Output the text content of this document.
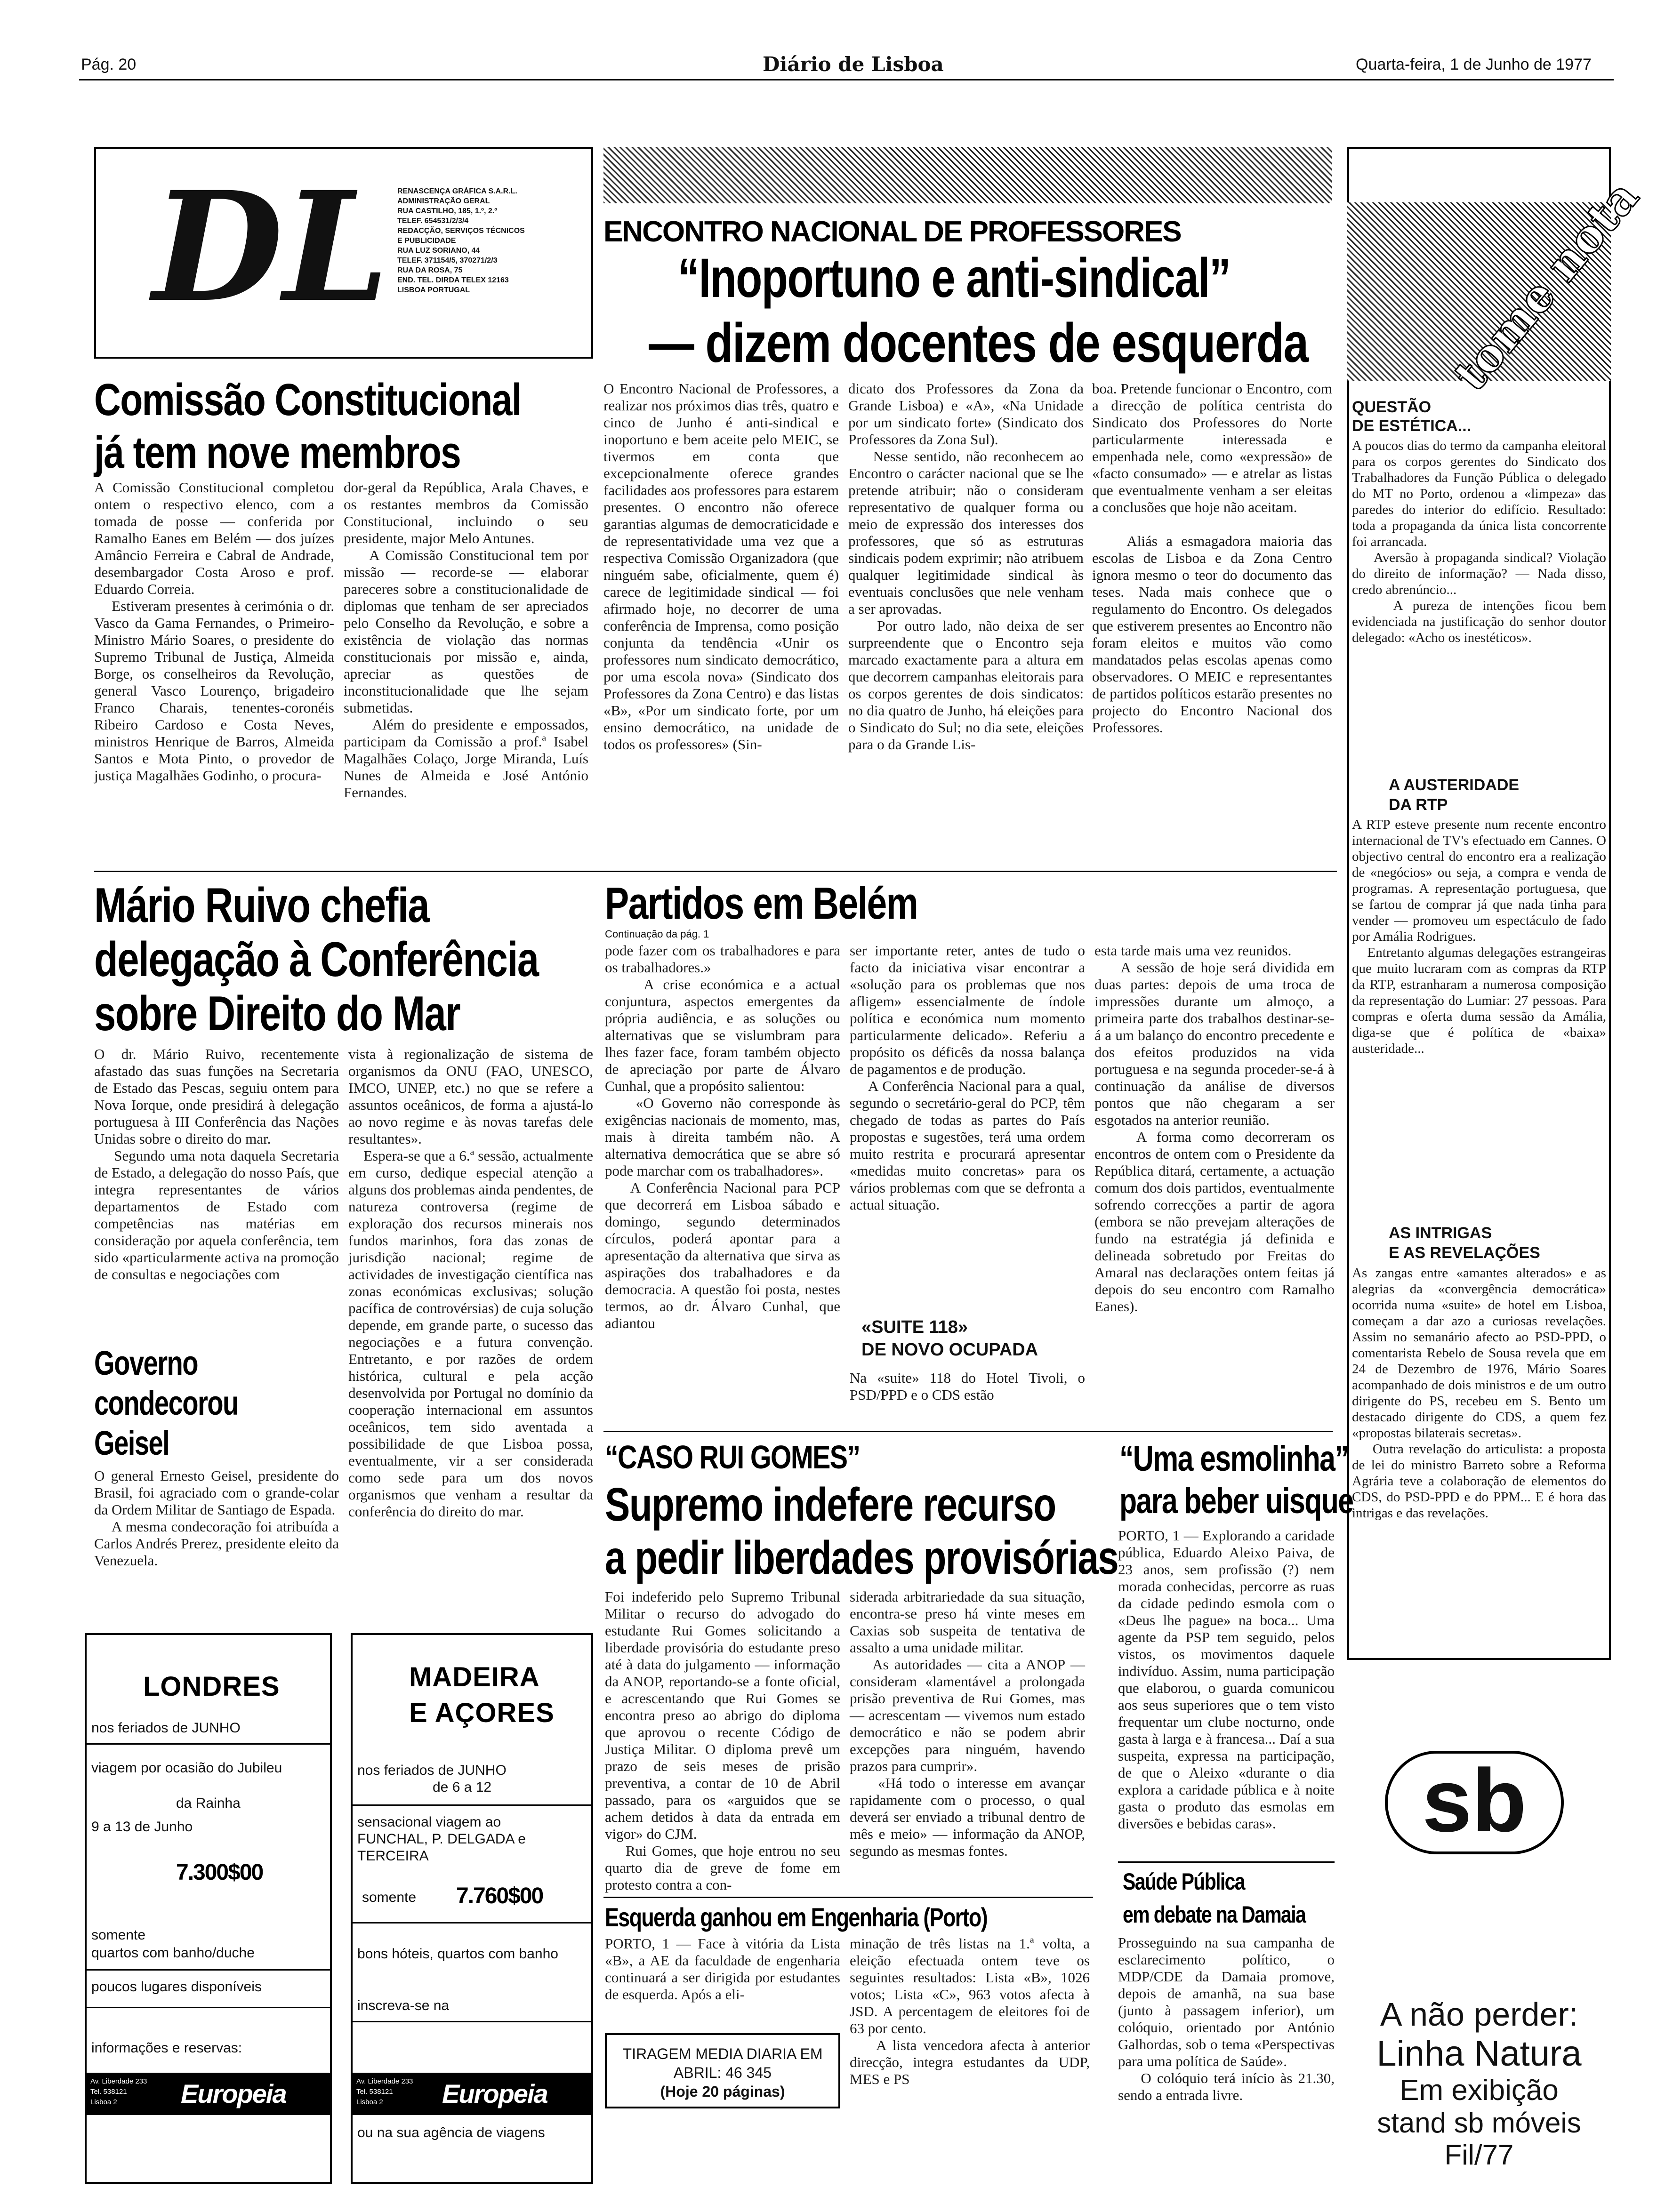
Pág. 20	Diário de Lisboa	Quarta-feira, 1 de Junho de 1977
DL RENASCENÇA GRÁFICA S.A.R.L.
ADMINISTRAÇÃO GERAL
RUA CASTILHO, 185, 1.º, 2.º
TELEF. 654531/2/3/4
REDACÇÃO, SERVIÇOS TÉCNICOS
E PUBLICIDADE
RUA LUZ SORIANO, 44
TELEF. 371154/5, 370271/2/3
RUA DA ROSA, 75
END. TEL. DIRDA TELEX 12163
LISBOA PORTUGAL
ENCONTRO NACIONAL DE PROFESSORES
“Inoportuno e anti-sindical”
— dizem docentes de esquerda
O Encontro Nacional de Professores, a realizar nos próximos dias três, quatro e cinco de Junho é anti-sindical e inoportuno e bem aceite pelo MEIC, se tivermos em conta que excepcionalmente oferece grandes facilidades aos professores para estarem presentes. O encontro não oferece garantias algumas de democraticidade e de representatividade uma vez que a respectiva Comissão Organizadora (que ninguém sabe, oficialmente, quem é) carece de legitimidade sindical — foi afirmado hoje, no decorrer de uma conferência de Imprensa, como posição conjunta da tendência «Unir os professores num sindicato democrático, por uma escola nova» (Sindicato dos Professores da Zona Centro) e das listas «B», «Por um sindicato forte, por um ensino democrático, na unidade de todos os professores» (Sin-
dicato dos Professores da Zona da Grande Lisboa) e «A», «Na Unidade por um sindicato forte» (Sindicato dos Professores da Zona Sul).
Nesse sentido, não reconhecem ao Encontro o carácter nacional que se lhe pretende atribuir; não o consideram representativo de qualquer forma ou meio de expressão dos interesses dos professores, que só as estruturas sindicais podem exprimir; não atribuem qualquer legitimidade sindical às eventuais conclusões que nele venham a ser aprovadas.
Por outro lado, não deixa de ser surpreendente que o Encontro seja marcado exactamente para a altura em que decorrem campanhas eleitorais para os corpos gerentes de dois sindicatos: no dia quatro de Junho, há eleições para o Sindicato do Sul; no dia sete, eleições para o da Grande Lis-
boa. Pretende funcionar o Encontro, com a direcção de política centrista do Sindicato dos Professores do Norte particularmente interessada e empenhada nele, como «expressão» de «facto consumado» — e atrelar as listas que eventualmente venham a ser eleitas a conclusões que hoje não aceitam.

Aliás a esmagadora maioria das escolas de Lisboa e da Zona Centro ignora mesmo o teor do documento das teses. Nada mais conhece que o regulamento do Encontro. Os delegados que estiverem presentes ao Encontro não foram eleitos e muitos vão como mandatados pelas escolas apenas como observadores. O MEIC e representantes de partidos políticos estarão presentes no projecto do Encontro Nacional dos Professores.
Comissão Constitucional
já tem nove membros
A Comissão Constitucional completou ontem o respectivo elenco, com a tomada de posse — conferida por Ramalho Eanes em Belém — dos juízes Amâncio Ferreira e Cabral de Andrade, desembargador Costa Aroso e prof. Eduardo Correia.
Estiveram presentes à cerimónia o dr. Vasco da Gama Fernandes, o Primeiro-Ministro Mário Soares, o presidente do Supremo Tribunal de Justiça, Almeida Borge, os conselheiros da Revolução, general Vasco Lourenço, brigadeiro Franco Charais, tenentes-coronéis Ribeiro Cardoso e Costa Neves, ministros Henrique de Barros, Almeida Santos e Mota Pinto, o provedor de justiça Magalhães Godinho, o procura-
dor-geral da República, Arala Chaves, e os restantes membros da Comissão Constitucional, incluindo o seu presidente, major Melo Antunes.
A Comissão Constitucional tem por missão — recorde-se — elaborar pareceres sobre a constitucionalidade de diplomas que tenham de ser apreciados pelo Conselho da Revolução, e sobre a existência de violação das normas constitucionais por missão e, ainda, apreciar as questões de inconstitucionalidade que lhe sejam submetidas.
Além do presidente e empossados, participam da Comissão a prof.ª Isabel Magalhães Colaço, Jorge Miranda, Luís Nunes de Almeida e José António Fernandes.
Mário Ruivo chefia
delegação à Conferência
sobre Direito do Mar
O dr. Mário Ruivo, recentemente afastado das suas funções na Secretaria de Estado das Pescas, seguiu ontem para Nova Iorque, onde presidirá à delegação portuguesa à III Conferência das Nações Unidas sobre o direito do mar.
Segundo uma nota daquela Secretaria de Estado, a delegação do nosso País, que integra representantes de vários departamentos de Estado com competências nas matérias em consideração por aquela conferência, tem sido «particularmente activa na promoção de consultas e negociações com
vista à regionalização de sistema de organismos da ONU (FAO, UNESCO, IMCO, UNEP, etc.) no que se refere a assuntos oceânicos, de forma a ajustá-lo ao novo regime e às novas tarefas dele resultantes».
Espera-se que a 6.ª sessão, actualmente em curso, dedique especial atenção a alguns dos problemas ainda pendentes, de natureza controversa (regime de exploração dos recursos minerais nos fundos marinhos, fora das zonas de jurisdição nacional; regime de actividades de investigação científica nas zonas económicas exclusivas; solução pacífica de controvérsias) de cuja solução depende, em grande parte, o sucesso das negociações e a futura convenção. Entretanto, e por razões de ordem histórica, cultural e pela acção desenvolvida por Portugal no domínio da cooperação internacional em assuntos oceânicos, tem sido aventada a possibilidade de que Lisboa possa, eventualmente, vir a ser considerada como sede para um dos novos organismos que venham a resultar da conferência do direito do mar.
Governo
condecorou
Geisel
O general Ernesto Geisel, presidente do Brasil, foi agraciado com o grande-colar da Ordem Militar de Santiago de Espada.
A mesma condecoração foi atribuída a Carlos Andrés Prerez, presidente eleito da Venezuela.
Partidos em Belém
Continuação da pág. 1
pode fazer com os trabalhadores e para os trabalhadores.»
A crise económica e a actual conjuntura, aspectos emergentes da própria audiência, e as soluções ou alternativas que se vislumbram para lhes fazer face, foram também objecto de apreciação por parte de Álvaro Cunhal, que a propósito salientou:
«O Governo não corresponde às exigências nacionais de momento, mas, mais à direita também não. A alternativa democrática que se abre só pode marchar com os trabalhadores».
A Conferência Nacional para PCP que decorrerá em Lisboa sábado e domingo, segundo determinados círculos, poderá apontar para a apresentação da alternativa que sirva as aspirações dos trabalhadores e da democracia. A questão foi posta, nestes termos, ao dr. Álvaro Cunhal, que adiantou
ser importante reter, antes de tudo o facto da iniciativa visar encontrar a «solução para os problemas que nos afligem» essencialmente de índole política e económica num momento particularmente delicado». Referiu a propósito os déficês da nossa balança de pagamentos e de produção.
A Conferência Nacional para a qual, segundo o secretário-geral do PCP, têm chegado de todas as partes do País propostas e sugestões, terá uma ordem muito restrita e procurará apresentar «medidas muito concretas» para os vários problemas com que se defronta a actual situação.
esta tarde mais uma vez reunidos.
A sessão de hoje será dividida em duas partes: depois de uma troca de impressões durante um almoço, a primeira parte dos trabalhos destinar-se-á a um balanço do encontro precedente e dos efeitos produzidos na vida portuguesa e na segunda proceder-se-á à continuação da análise de diversos pontos que não chegaram a ser esgotados na anterior reunião.
A forma como decorreram os encontros de ontem com o Presidente da República ditará, certamente, a actuação comum dos dois partidos, eventualmente sofrendo correcções a partir de agora (embora se não prevejam alterações de fundo na estratégia já definida e delineada sobretudo por Freitas do Amaral nas declarações ontem feitas já depois do seu encontro com Ramalho Eanes).
«SUITE 118»
DE NOVO OCUPADA
Na «suite» 118 do Hotel Tivoli, o PSD/PPD e o CDS estão
“CASO RUI GOMES”
Supremo indefere recurso
a pedir liberdades provisórias
Foi indeferido pelo Supremo Tribunal Militar o recurso do advogado do estudante Rui Gomes solicitando a liberdade provisória do estudante preso até à data do julgamento — informação da ANOP, reportando-se a fonte oficial, e acrescentando que Rui Gomes se encontra preso ao abrigo do diploma que aprovou o recente Código de Justiça Militar. O diploma prevê um prazo de seis meses de prisão preventiva, a contar de 10 de Abril passado, para os «arguidos que se achem detidos à data da entrada em vigor» do CJM.
Rui Gomes, que hoje entrou no seu quarto dia de greve de fome em protesto contra a con-
siderada arbitrariedade da sua situação, encontra-se preso há vinte meses em Caxias sob suspeita de tentativa de assalto a uma unidade militar.
As autoridades — cita a ANOP — consideram «lamentável a prolongada prisão preventiva de Rui Gomes, mas — acrescentam — vivemos num estado democrático e não se podem abrir excepções para ninguém, havendo prazos para cumprir».
«Há todo o interesse em avançar rapidamente com o processo, o qual deverá ser enviado a tribunal dentro de mês e meio» — informação da ANOP, segundo as mesmas fontes.
“Uma esmolinha”
para beber uisque
PORTO, 1 — Explorando a caridade pública, Eduardo Aleixo Paiva, de 23 anos, sem profissão (?) nem morada conhecidas, percorre as ruas da cidade pedindo esmola com o «Deus lhe pague» na boca... Uma agente da PSP tem seguido, pelos vistos, os movimentos daquele indivíduo. Assim, numa participação que elaborou, o guarda comunicou aos seus superiores que o tem visto frequentar um clube nocturno, onde gasta à larga e à francesa... Daí a sua suspeita, expressa na participação, de que o Aleixo «durante o dia explora a caridade pública e à noite gasta o produto das esmolas em diversões e bebidas caras».
Saúde Pública
em debate na Damaia
Prosseguindo na sua campanha de esclarecimento político, o MDP/CDE da Damaia promove, depois de amanhã, na sua base (junto à passagem inferior), um colóquio, orientado por António Galhordas, sob o tema «Perspectivas para uma política de Saúde».
O colóquio terá início às 21.30, sendo a entrada livre.
Esquerda ganhou em Engenharia (Porto)
PORTO, 1 — Face à vitória da Lista «B», a AE da faculdade de engenharia continuará a ser dirigida por estudantes de esquerda. Após a eli-
minação de três listas na 1.ª volta, a eleição efectuada ontem teve os seguintes resultados: Lista «B», 1026 votos; Lista «C», 963 votos afecta à JSD. A percentagem de eleitores foi de 63 por cento.
A lista vencedora afecta à anterior direcção, integra estudantes da UDP, MES e PS
TIRAGEM MEDIA DIARIA EM
ABRIL: 46 345
(Hoje 20 páginas)
tome nota
QUESTÃO
DE ESTÉTICA...
A poucos dias do termo da campanha eleitoral para os corpos gerentes do Sindicato dos Trabalhadores da Função Pública o delegado do MT no Porto, ordenou a «limpeza» das paredes do interior do edifício. Resultado: toda a propaganda da única lista concorrente foi arrancada.
Aversão à propaganda sindical? Violação do direito de informação? — Nada disso, credo abrenúncio...
A pureza de intenções ficou bem evidenciada na justificação do senhor doutor delegado: «Acho os inestéticos».
A AUSTERIDADE
DA RTP
A RTP esteve presente num recente encontro internacional de TV's efectuado em Cannes. O objectivo central do encontro era a realização de «negócios» ou seja, a compra e venda de programas. A representação portuguesa, que se fartou de comprar já que nada tinha para vender — promoveu um espectáculo de fado por Amália Rodrigues.
Entretanto algumas delegações estrangeiras que muito lucraram com as compras da RTP da RTP, estranharam a numerosa composição da representação do Lumiar: 27 pessoas. Para compras e oferta duma sessão da Amália, diga-se que é política de «baixa» austeridade...
AS INTRIGAS
E AS REVELAÇÕES
As zangas entre «amantes alterados» e as alegrias da «convergência democrática» ocorrida numa «suite» de hotel em Lisboa, começam a dar azo a curiosas revelações. Assim no semanário afecto ao PSD-PPD, o comentarista Rebelo de Sousa revela que em 24 de Dezembro de 1976, Mário Soares acompanhado de dois ministros e de um outro dirigente do PS, recebeu em S. Bento um destacado dirigente do CDS, a quem fez «propostas bilaterais secretas».
Outra revelação do articulista: a proposta de lei do ministro Barreto sobre a Reforma Agrária teve a colaboração de elementos do CDS, do PSD-PPD e do PPM... E é hora das intrigas e das revelações.
sb
A não perder:
Linha Natura
Em exibição
stand sb móveis
Fil/77
LONDRES
nos feriados de JUNHO
viagem por ocasião do Jubileu
da Rainha
9 a 13 de Junho
7.300$00
somente
quartos com banho/duche
poucos lugares disponíveis
informações e reservas:
Av. Liberdade 233
Tel. 538121
Lisboa 2	Europeia
MADEIRA
E AÇORES
nos feriados de JUNHO
de 6 a 12
sensacional viagem ao FUNCHAL, P. DELGADA e TERCEIRA
somente 7.760$00
bons hóteis, quartos com banho
inscreva-se na
Av. Liberdade 233
Tel. 538121
Lisboa 2	Europeia
ou na sua agência de viagens
